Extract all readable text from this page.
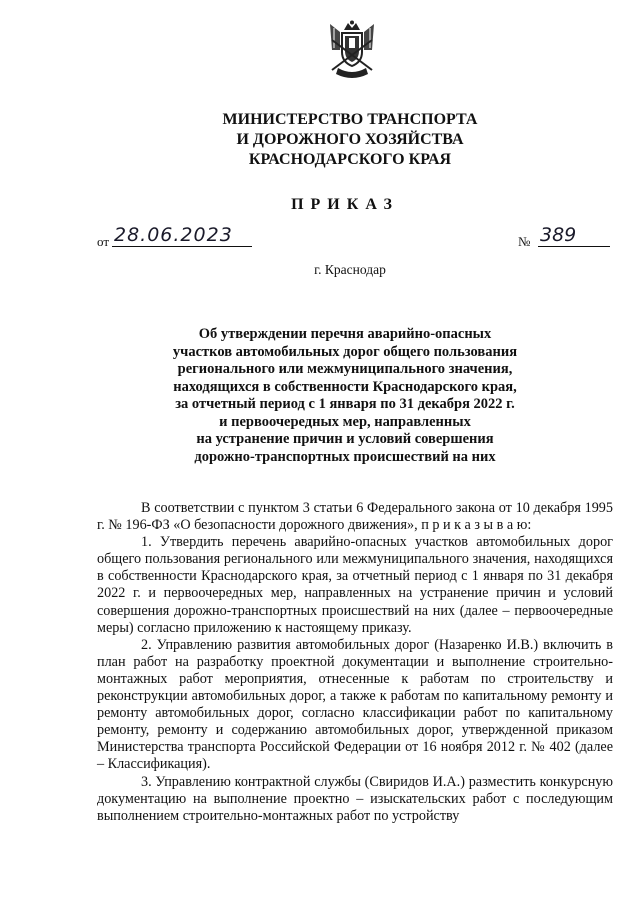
МИНИСТЕРСТВО ТРАНСПОРТА
И ДОРОЖНОГО ХОЗЯЙСТВА
КРАСНОДАРСКОГО КРАЯ
ПРИКАЗ
от 28.06.2023	№ 389
г. Краснодар
Об утверждении перечня аварийно-опасных
участков автомобильных дорог общего пользования
регионального или межмуниципального значения,
находящихся в собственности Краснодарского края,
за отчетный период с 1 января по 31 декабря 2022 г.
и первоочередных мер, направленных
на устранение причин и условий совершения
дорожно-транспортных происшествий на них

В соответствии с пунктом 3 статьи 6 Федерального закона от 10 декабря 1995 г. № 196-ФЗ «О безопасности дорожного движения», п р и к а з ы в а ю:

1. Утвердить перечень аварийно-опасных участков автомобильных дорог общего пользования регионального или межмуниципального значения, находящихся в собственности Краснодарского края, за отчетный период с 1 января по 31 декабря 2022 г. и первоочередных мер, направленных на устранение причин и условий совершения дорожно-транспортных происшествий на них (далее – первоочередные меры) согласно приложению к настоящему приказу.

2. Управлению развития автомобильных дорог (Назаренко И.В.) включить в план работ на разработку проектной документации и выполнение строительно-монтажных работ мероприятия, отнесенные к работам по строительству и реконструкции автомобильных дорог, а также к работам по капитальному ремонту и ремонту автомобильных дорог, согласно классификации работ по капитальному ремонту, ремонту и содержанию автомобильных дорог, утвержденной приказом Министерства транспорта Российской Федерации от 16 ноября 2012 г. № 402 (далее – Классификация).

3. Управлению контрактной службы (Свиридов И.А.) разместить конкурсную документацию на выполнение проектно – изыскательских работ с последующим выполнением строительно-монтажных работ по устройству
